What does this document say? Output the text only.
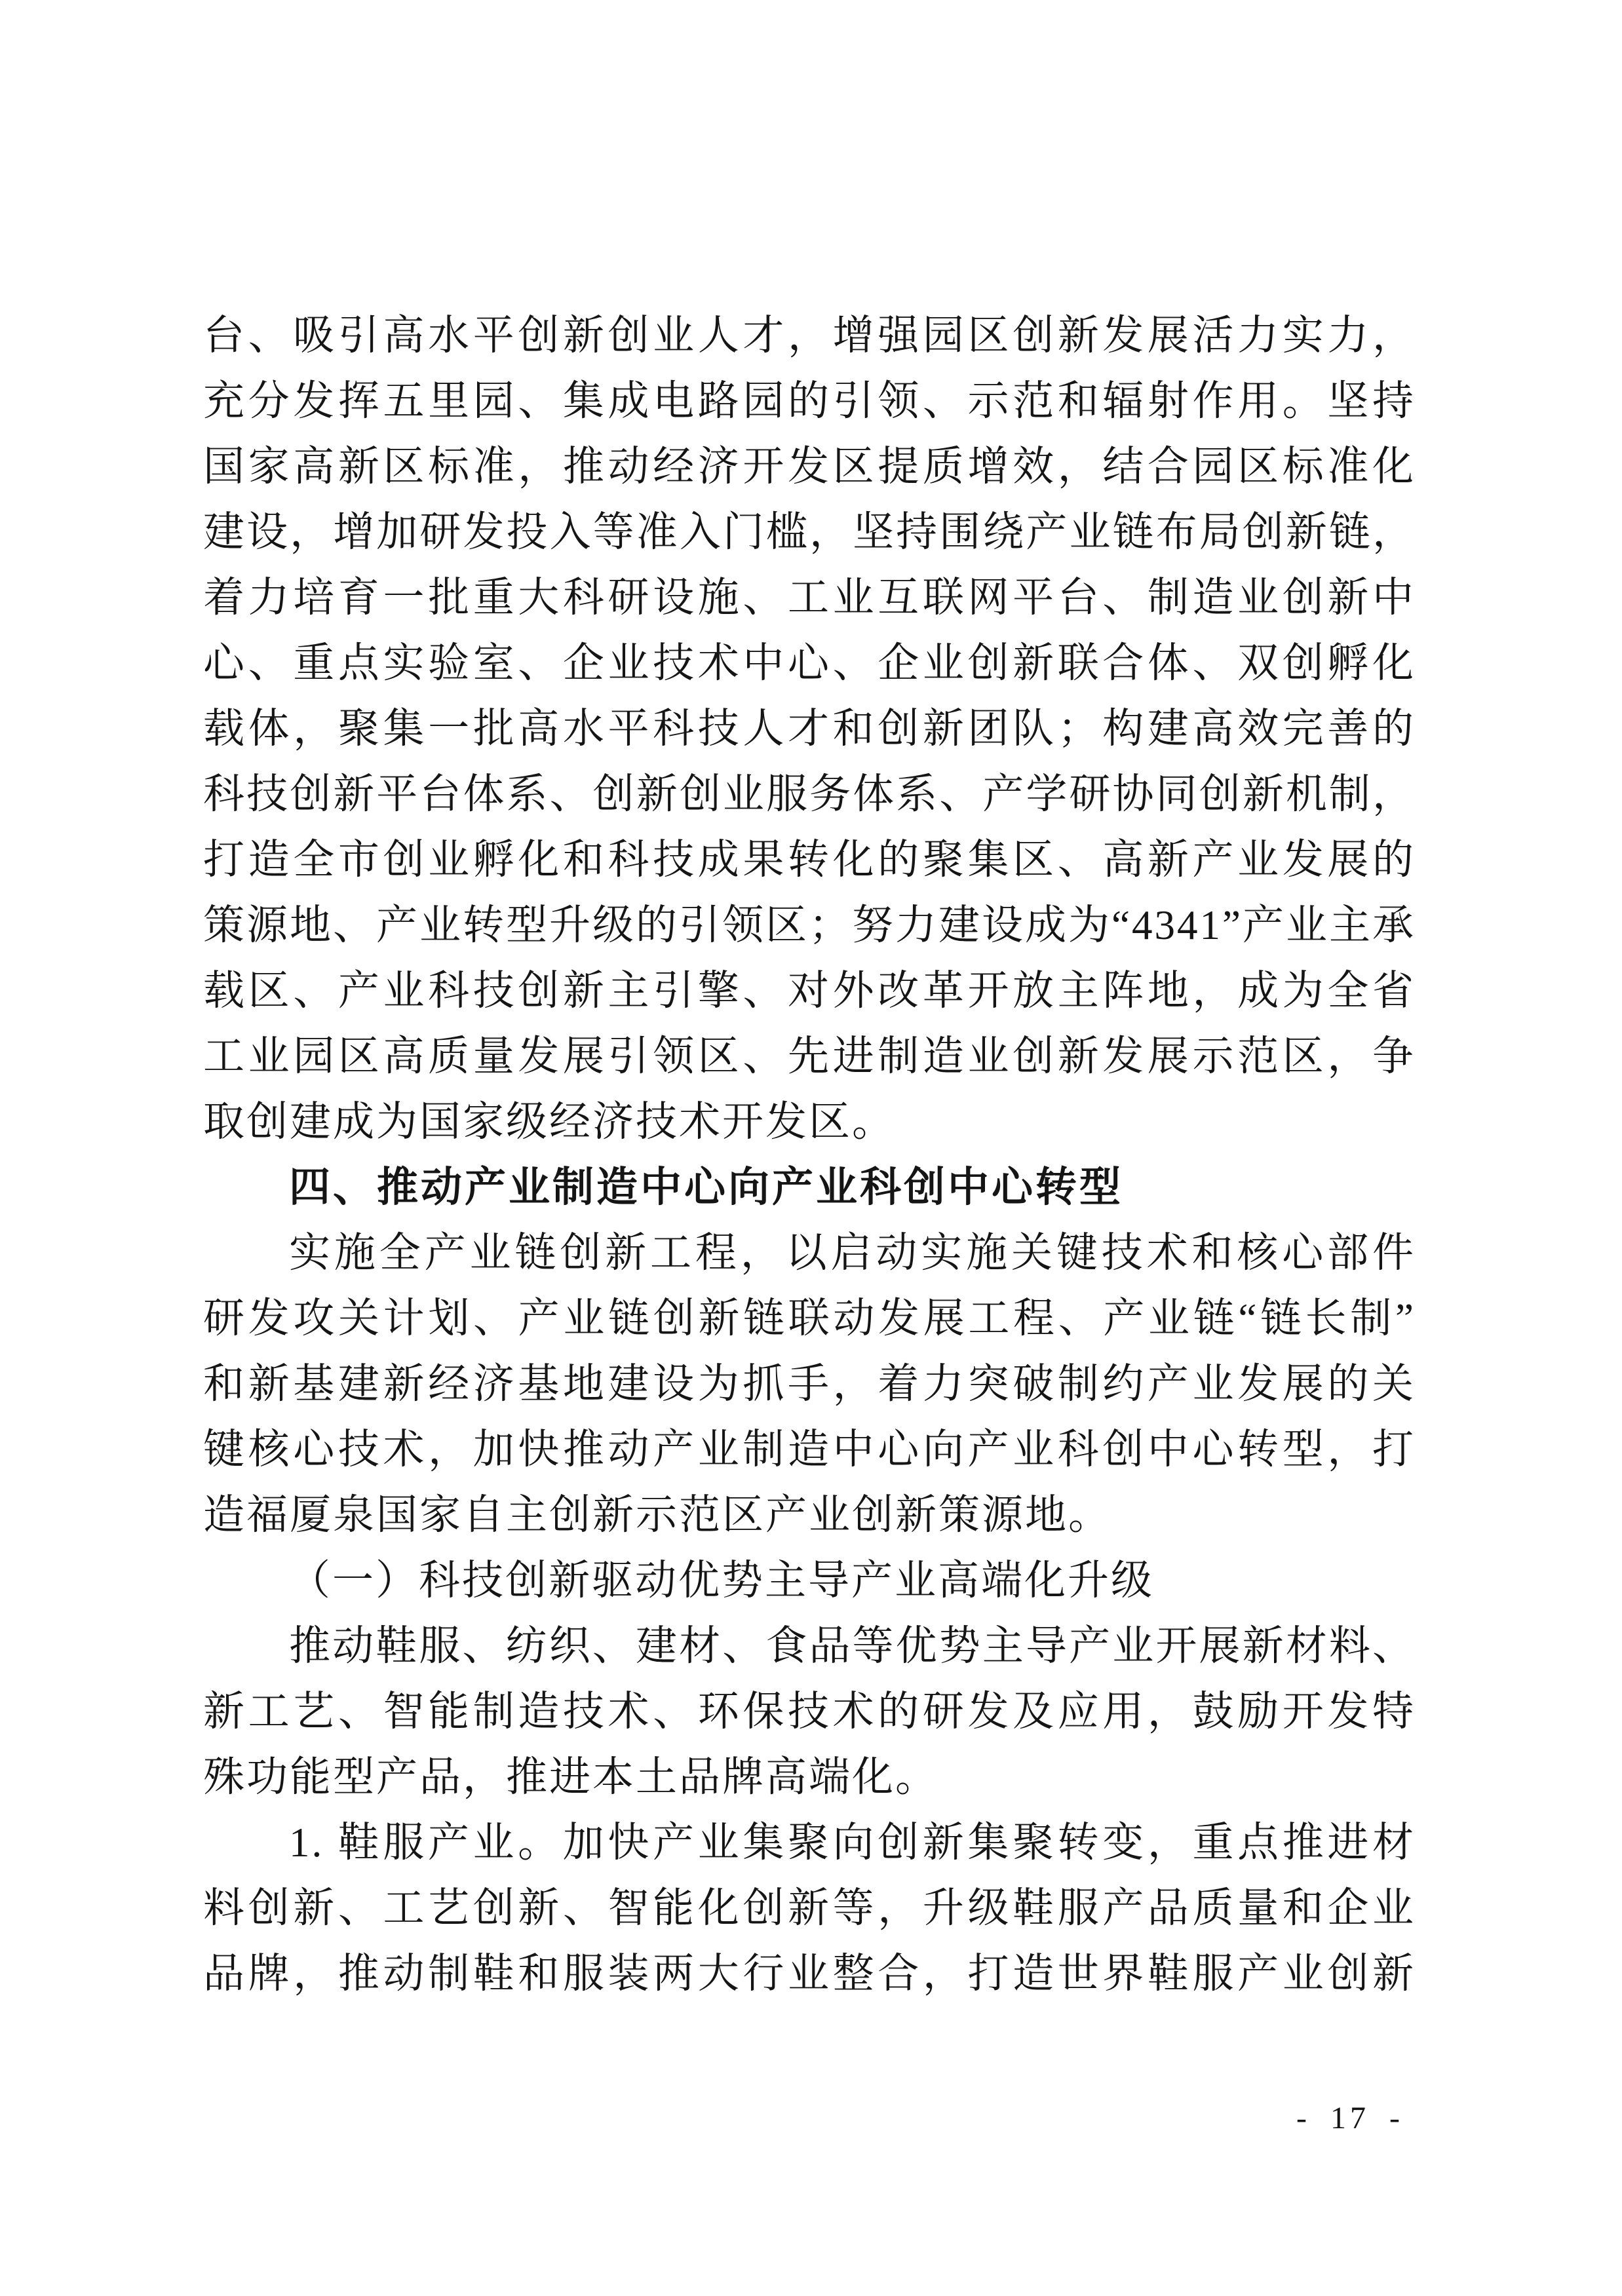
台、吸引高水平创新创业人才，增强园区创新发展活力实力，
充分发挥五里园、集成电路园的引领、示范和辐射作用。坚持
国家高新区标准，推动经济开发区提质增效，结合园区标准化
建设，增加研发投入等准入门槛，坚持围绕产业链布局创新链，
着力培育一批重大科研设施、工业互联网平台、制造业创新中
心、重点实验室、企业技术中心、企业创新联合体、双创孵化
载体，聚集一批高水平科技人才和创新团队；构建高效完善的
科技创新平台体系、创新创业服务体系、产学研协同创新机制，
打造全市创业孵化和科技成果转化的聚集区、高新产业发展的
策源地、产业转型升级的引领区；努力建设成为“4341”产业主承
载区、产业科技创新主引擎、对外改革开放主阵地，成为全省
工业园区高质量发展引领区、先进制造业创新发展示范区，争
取创建成为国家级经济技术开发区。
四、推动产业制造中心向产业科创中心转型
实施全产业链创新工程，以启动实施关键技术和核心部件
研发攻关计划、产业链创新链联动发展工程、产业链“链长制”
和新基建新经济基地建设为抓手，着力突破制约产业发展的关
键核心技术，加快推动产业制造中心向产业科创中心转型，打
造福厦泉国家自主创新示范区产业创新策源地。
（一）科技创新驱动优势主导产业高端化升级
推动鞋服、纺织、建材、食品等优势主导产业开展新材料、
新工艺、智能制造技术、环保技术的研发及应用，鼓励开发特
殊功能型产品，推进本土品牌高端化。
1. 鞋服产业。加快产业集聚向创新集聚转变，重点推进材
料创新、工艺创新、智能化创新等，升级鞋服产品质量和企业
品牌，推动制鞋和服装两大行业整合，打造世界鞋服产业创新
- 17 -
